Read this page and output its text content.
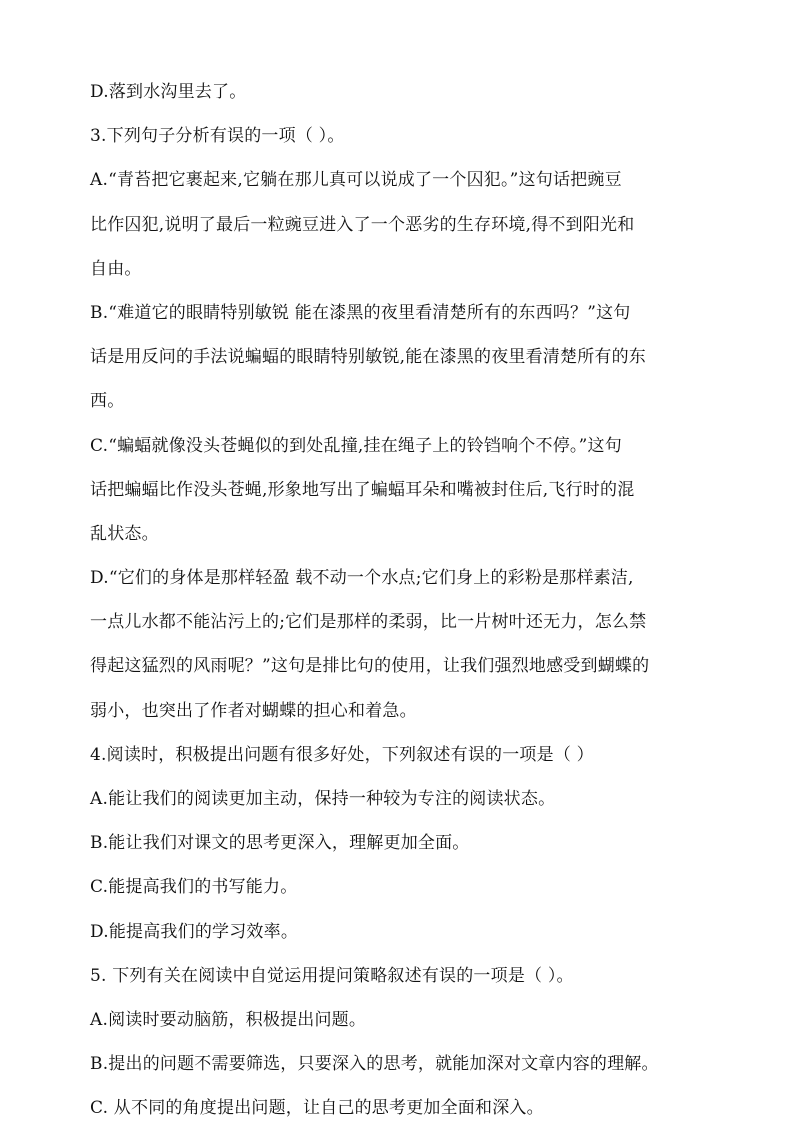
D.落到水沟里去了。
3.下列句子分析有误的一项（ ）。
A.“青苔把它裹起来,它躺在那儿真可以说成了一个囚犯。”这句话把豌豆
比作囚犯,说明了最后一粒豌豆进入了一个恶劣的生存环境,得不到阳光和
自由。
B.“难道它的眼睛特别敏锐 能在漆黑的夜里看清楚所有的东西吗？”这句
话是用反问的手法说蝙蝠的眼睛特别敏锐,能在漆黑的夜里看清楚所有的东
西。
C.“蝙蝠就像没头苍蝇似的到处乱撞,挂在绳子上的铃铛响个不停。”这句
话把蝙蝠比作没头苍蝇,形象地写出了蝙蝠耳朵和嘴被封住后,飞行时的混
乱状态。
D.“它们的身体是那样轻盈 载不动一个水点;它们身上的彩粉是那样素洁,
一点儿水都不能沾污上的;它们是那样的柔弱，比一片树叶还无力，怎么禁
得起这猛烈的风雨呢？”这句是排比句的使用，让我们强烈地感受到蝴蝶的
弱小，也突出了作者对蝴蝶的担心和着急。
4.阅读时，积极提出问题有很多好处，下列叙述有误的一项是（ ）
A.能让我们的阅读更加主动，保持一种较为专注的阅读状态。
B.能让我们对课文的思考更深入，理解更加全面。
C.能提高我们的书写能力。
D.能提高我们的学习效率。
5. 下列有关在阅读中自觉运用提问策略叙述有误的一项是（ ）。
A.阅读时要动脑筋，积极提出问题。
B.提出的问题不需要筛选，只要深入的思考，就能加深对文章内容的理解。
C. 从不同的角度提出问题，让自己的思考更加全面和深入。
